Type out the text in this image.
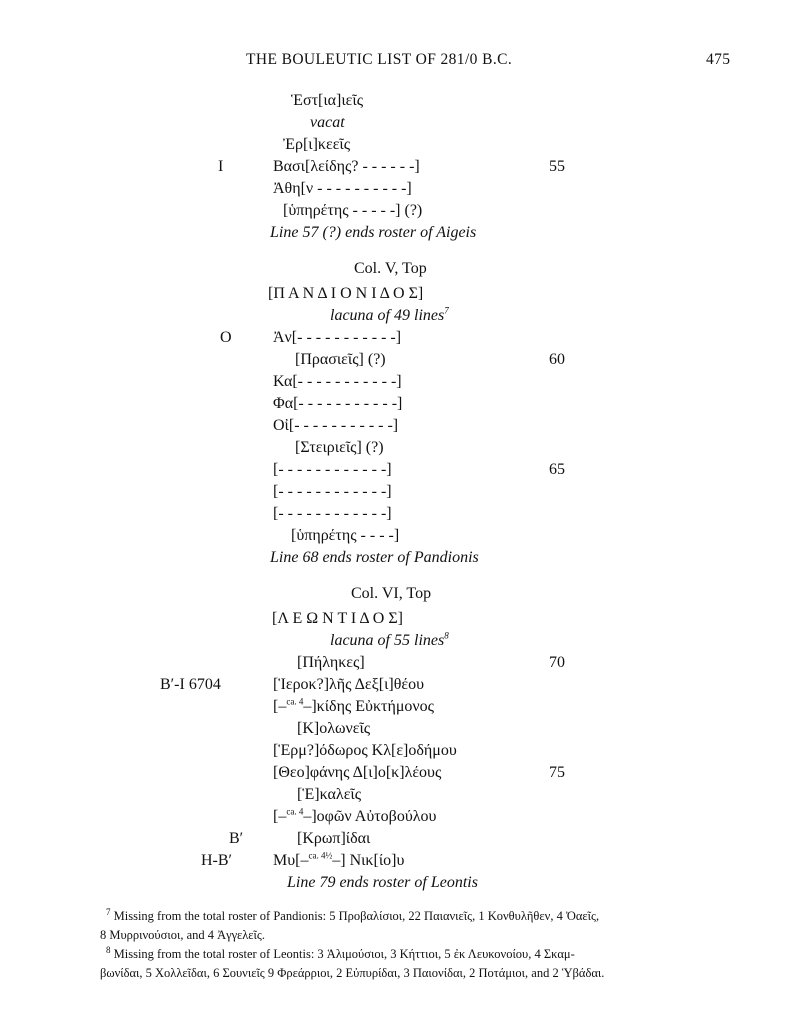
THE BOULEUTIC LIST OF 281/0 B.C.	475
Ἑστ[ια]ιεῖς
vacat
Ἐρ[ι]κεεῖς
I	Βασι[λείδης? - - - - - -]	55
Ἀθη[ν - - - - - - - - - -]
[ὑπηρέτης - - - - -] (?)
Line 57 (?) ends roster of Aigeis
Col. V, Top
[Π Α Ν Δ Ι Ο Ν Ι Δ Ο Σ]
lacuna of 49 lines$^7$
O	Ἀν[- - - - - - - - - - -]
[Πρασιεῖς] (?)	60
Κα[- - - - - - - - - - -]
Φα[- - - - - - - - - - -]
Οἰ[- - - - - - - - - - -]
[Στειριεῖς] (?)
[- - - - - - - - - - - -]	65
[- - - - - - - - - - - -]
[- - - - - - - - - - - -]
[ὑπηρέτης - - - -]
Line 68 ends roster of Pandionis
Col. VI, Top
[Λ Ε Ω Ν Τ Ι Δ Ο Σ]
lacuna of 55 lines$^8$
[Πήληκες]	70
B′-I 6704	[Ἱεροκ?]λῆς Δεξ[ι]θέου
[–$^{ca. 4}$–]κίδης Εὐκτήμονος
[Κ]ολωνεῖς
[Ἑρμ?]όδωρος Κλ[ε]οδήμου
[Θεο]φάνης Δ[ι]ο[κ]λέους	75
[Ἑ]καλεῖς
[–$^{ca. 4}$–]οφῶν Αὐτοβούλου
B′	[Κρωπ]ίδαι
H-B′	Μυ[–$^{ca. 4\frac{1}{2}}$–] Νικ[ίο]υ
Line 79 ends roster of Leontis

$^7$ Missing from the total roster of Pandionis: 5 Προβαλίσιοι, 22 Παιανιεῖς, 1 Κονθυλῆθεν, 4 Ὀαεῖς,

8 Μυρρινούσιοι, and 4 Ἀγγελεῖς.

$^8$ Missing from the total roster of Leontis: 3 Ἁλιμούσιοι, 3 Κήττιοι, 5 ἐκ Λευκονοίου, 4 Σκαμ-

βωνίδαι, 5 Χολλεῖδαι, 6 Σουνιεῖς 9 Φρεάρριοι, 2 Εὐπυρίδαι, 3 Παιονίδαι, 2 Ποτάμιοι, and 2 Ὑβάδαι.
